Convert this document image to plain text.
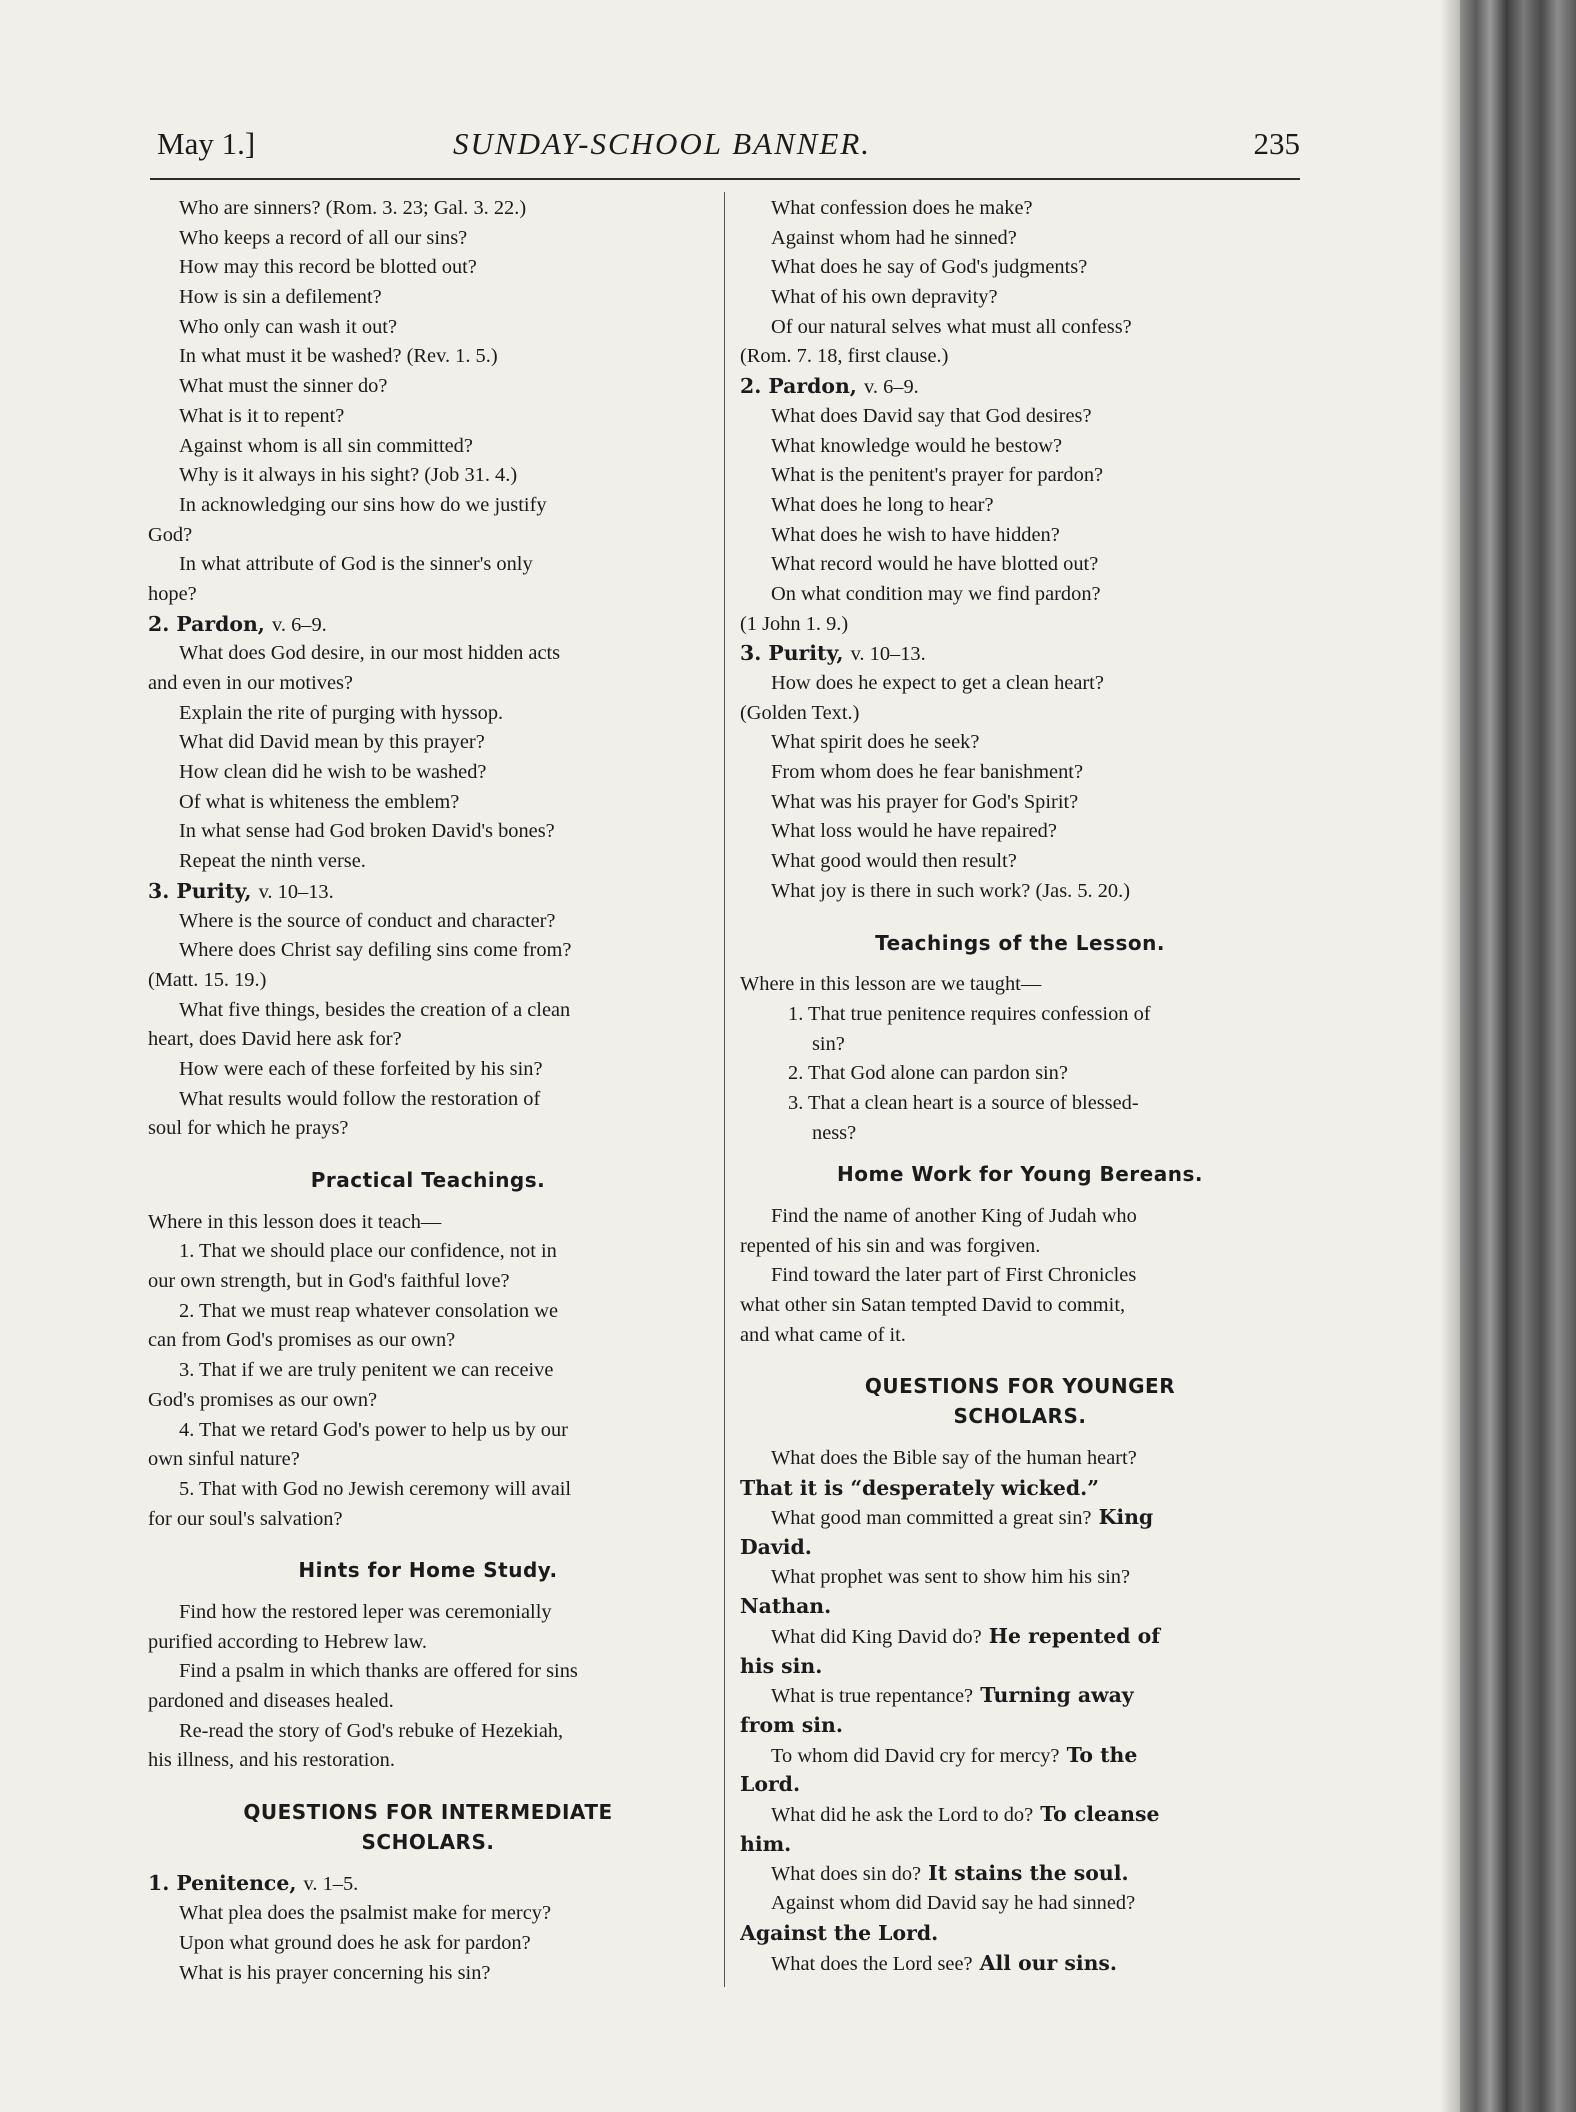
May 1.]	SUNDAY-SCHOOL BANNER.	235
Who are sinners? (Rom. 3. 23; Gal. 3. 22.)
Who keeps a record of all our sins?
How may this record be blotted out?
How is sin a defilement?
Who only can wash it out?
In what must it be washed? (Rev. 1. 5.)
What must the sinner do?
What is it to repent?
Against whom is all sin committed?
Why is it always in his sight? (Job 31. 4.)
In acknowledging our sins how do we justify
God?
In what attribute of God is the sinner's only
hope?
2. Pardon, v. 6–9.
What does God desire, in our most hidden acts
and even in our motives?
Explain the rite of purging with hyssop.
What did David mean by this prayer?
How clean did he wish to be washed?
Of what is whiteness the emblem?
In what sense had God broken David's bones?
Repeat the ninth verse.
3. Purity, v. 10–13.
Where is the source of conduct and character?
Where does Christ say defiling sins come from?
(Matt. 15. 19.)
What five things, besides the creation of a clean
heart, does David here ask for?
How were each of these forfeited by his sin?
What results would follow the restoration of
soul for which he prays?
Practical Teachings.
Where in this lesson does it teach—
1. That we should place our confidence, not in
our own strength, but in God's faithful love?
2. That we must reap whatever consolation we
can from God's promises as our own?
3. That if we are truly penitent we can receive
God's promises as our own?
4. That we retard God's power to help us by our
own sinful nature?
5. That with God no Jewish ceremony will avail
for our soul's salvation?
Hints for Home Study.
Find how the restored leper was ceremonially
purified according to Hebrew law.
Find a psalm in which thanks are offered for sins
pardoned and diseases healed.
Re-read the story of God's rebuke of Hezekiah,
his illness, and his restoration.
QUESTIONS FOR INTERMEDIATE
SCHOLARS.
1. Penitence, v. 1–5.
What plea does the psalmist make for mercy?
Upon what ground does he ask for pardon?
What is his prayer concerning his sin?
What confession does he make?
Against whom had he sinned?
What does he say of God's judgments?
What of his own depravity?
Of our natural selves what must all confess?
(Rom. 7. 18, first clause.)
2. Pardon, v. 6–9.
What does David say that God desires?
What knowledge would he bestow?
What is the penitent's prayer for pardon?
What does he long to hear?
What does he wish to have hidden?
What record would he have blotted out?
On what condition may we find pardon?
(1 John 1. 9.)
3. Purity, v. 10–13.
How does he expect to get a clean heart?
(Golden Text.)
What spirit does he seek?
From whom does he fear banishment?
What was his prayer for God's Spirit?
What loss would he have repaired?
What good would then result?
What joy is there in such work? (Jas. 5. 20.)
Teachings of the Lesson.
Where in this lesson are we taught—
1. That true penitence requires confession of
sin?
2. That God alone can pardon sin?
3. That a clean heart is a source of blessed-
ness?
Home Work for Young Bereans.
Find the name of another King of Judah who
repented of his sin and was forgiven.
Find toward the later part of First Chronicles
what other sin Satan tempted David to commit,
and what came of it.
QUESTIONS FOR YOUNGER
SCHOLARS.
What does the Bible say of the human heart?
That it is “desperately wicked.”
What good man committed a great sin? King
David.
What prophet was sent to show him his sin?
Nathan.
What did King David do? He repented of
his sin.
What is true repentance? Turning away
from sin.
To whom did David cry for mercy? To the
Lord.
What did he ask the Lord to do? To cleanse
him.
What does sin do? It stains the soul.
Against whom did David say he had sinned?
Against the Lord.
What does the Lord see? All our sins.
